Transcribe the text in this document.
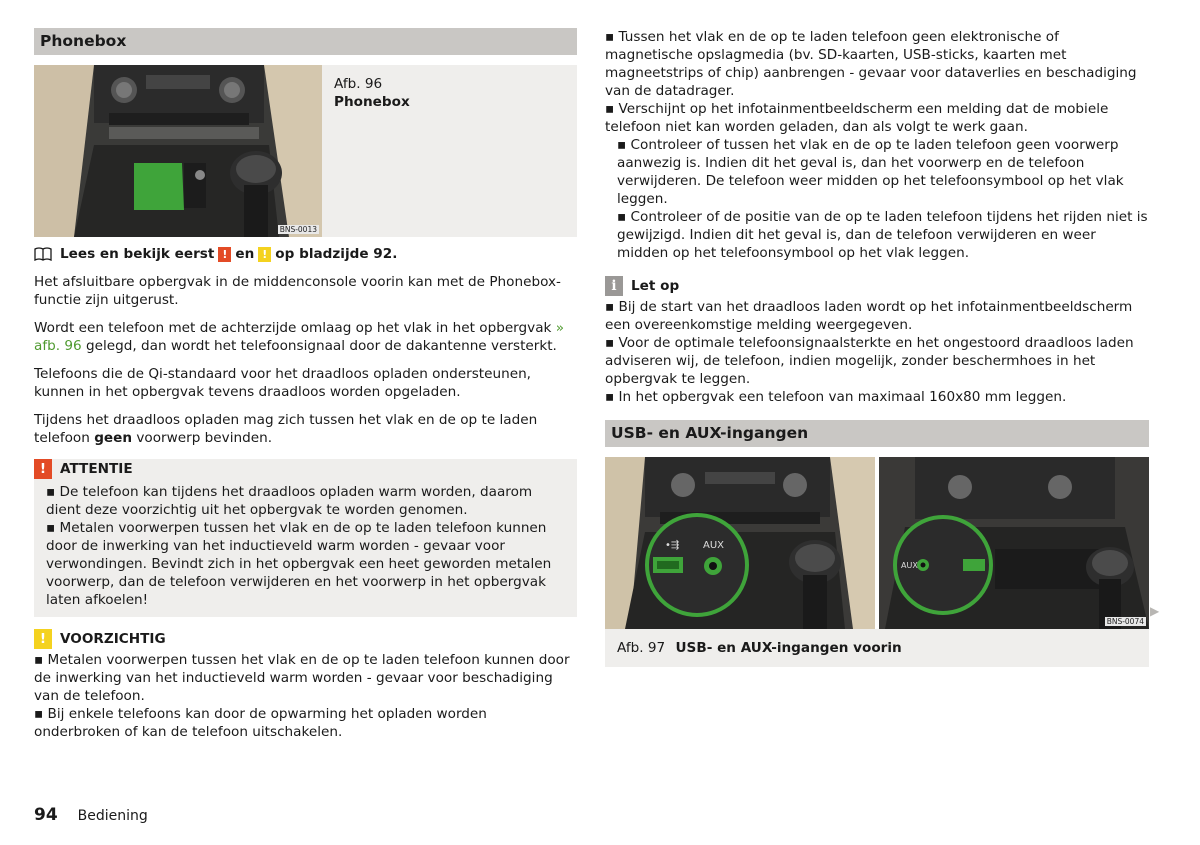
Phonebox
BNS-0013
Afb. 96
Phonebox
Lees en bekijk eerst ! en ! op bladzijde 92.

Het afsluitbare opbergvak in de middenconsole voorin kan met de Phonebox-functie zijn uitgerust.

Wordt een telefoon met de achterzijde omlaag op het vlak in het opbergvak » afb. 96 gelegd, dan wordt het telefoonsignaal door de dakantenne versterkt.

Telefoons die de Qi-standaard voor het draadloos opladen ondersteunen, kunnen in het opbergvak tevens draadloos worden opgeladen.

Tijdens het draadloos opladen mag zich tussen het vlak en de op te laden telefoon geen voorwerp bevinden.

!	ATTENTIE
▪ De telefoon kan tijdens het draadloos opladen warm worden, daarom dient deze voorzichtig uit het opbergvak te worden genomen.
▪ Metalen voorwerpen tussen het vlak en de op te laden telefoon kunnen door de inwerking van het inductieveld warm worden - gevaar voor verwondingen. Bevindt zich in het opbergvak een heet geworden metalen voorwerp, dan de telefoon verwijderen en het voorwerp in het opbergvak laten afkoelen!
!	VOORZICHTIG
▪ Metalen voorwerpen tussen het vlak en de op te laden telefoon kunnen door de inwerking van het inductieveld warm worden - gevaar voor beschadiging van de telefoon.
▪ Bij enkele telefoons kan door de opwarming het opladen worden onderbroken of kan de telefoon uitschakelen.
▪ Tussen het vlak en de op te laden telefoon geen elektronische of magnetische opslagmedia (bv. SD-kaarten, USB-sticks, kaarten met magneetstrips of chip) aanbrengen - gevaar voor dataverlies en beschadiging van de datadrager.
▪ Verschijnt op het infotainmentbeeldscherm een melding dat de mobiele telefoon niet kan worden geladen, dan als volgt te werk gaan.
▪ Controleer of tussen het vlak en de op te laden telefoon geen voorwerp aanwezig is. Indien dit het geval is, dan het voorwerp en de telefoon verwijderen. De telefoon weer midden op het telefoonsymbool op het vlak leggen.
▪ Controleer of de positie van de op te laden telefoon tijdens het rijden niet is gewijzigd. Indien dit het geval is, dan de telefoon verwijderen en weer midden op het telefoonsymbool op het vlak leggen.
i	Let op
▪ Bij de start van het draadloos laden wordt op het infotainmentbeeldscherm een overeenkomstige melding weergegeven.
▪ Voor de optimale telefoonsignaalsterkte en het ongestoord draadloos laden adviseren wij, de telefoon, indien mogelijk, zonder beschermhoes in het opbergvak te leggen.
▪ In het opbergvak een telefoon van maximaal 160x80 mm leggen.
USB- en AUX-ingangen
•⇶ AUX
AUX
BNS-0074
Afb. 97 USB- en AUX-ingangen voorin
▶
94 Bediening
